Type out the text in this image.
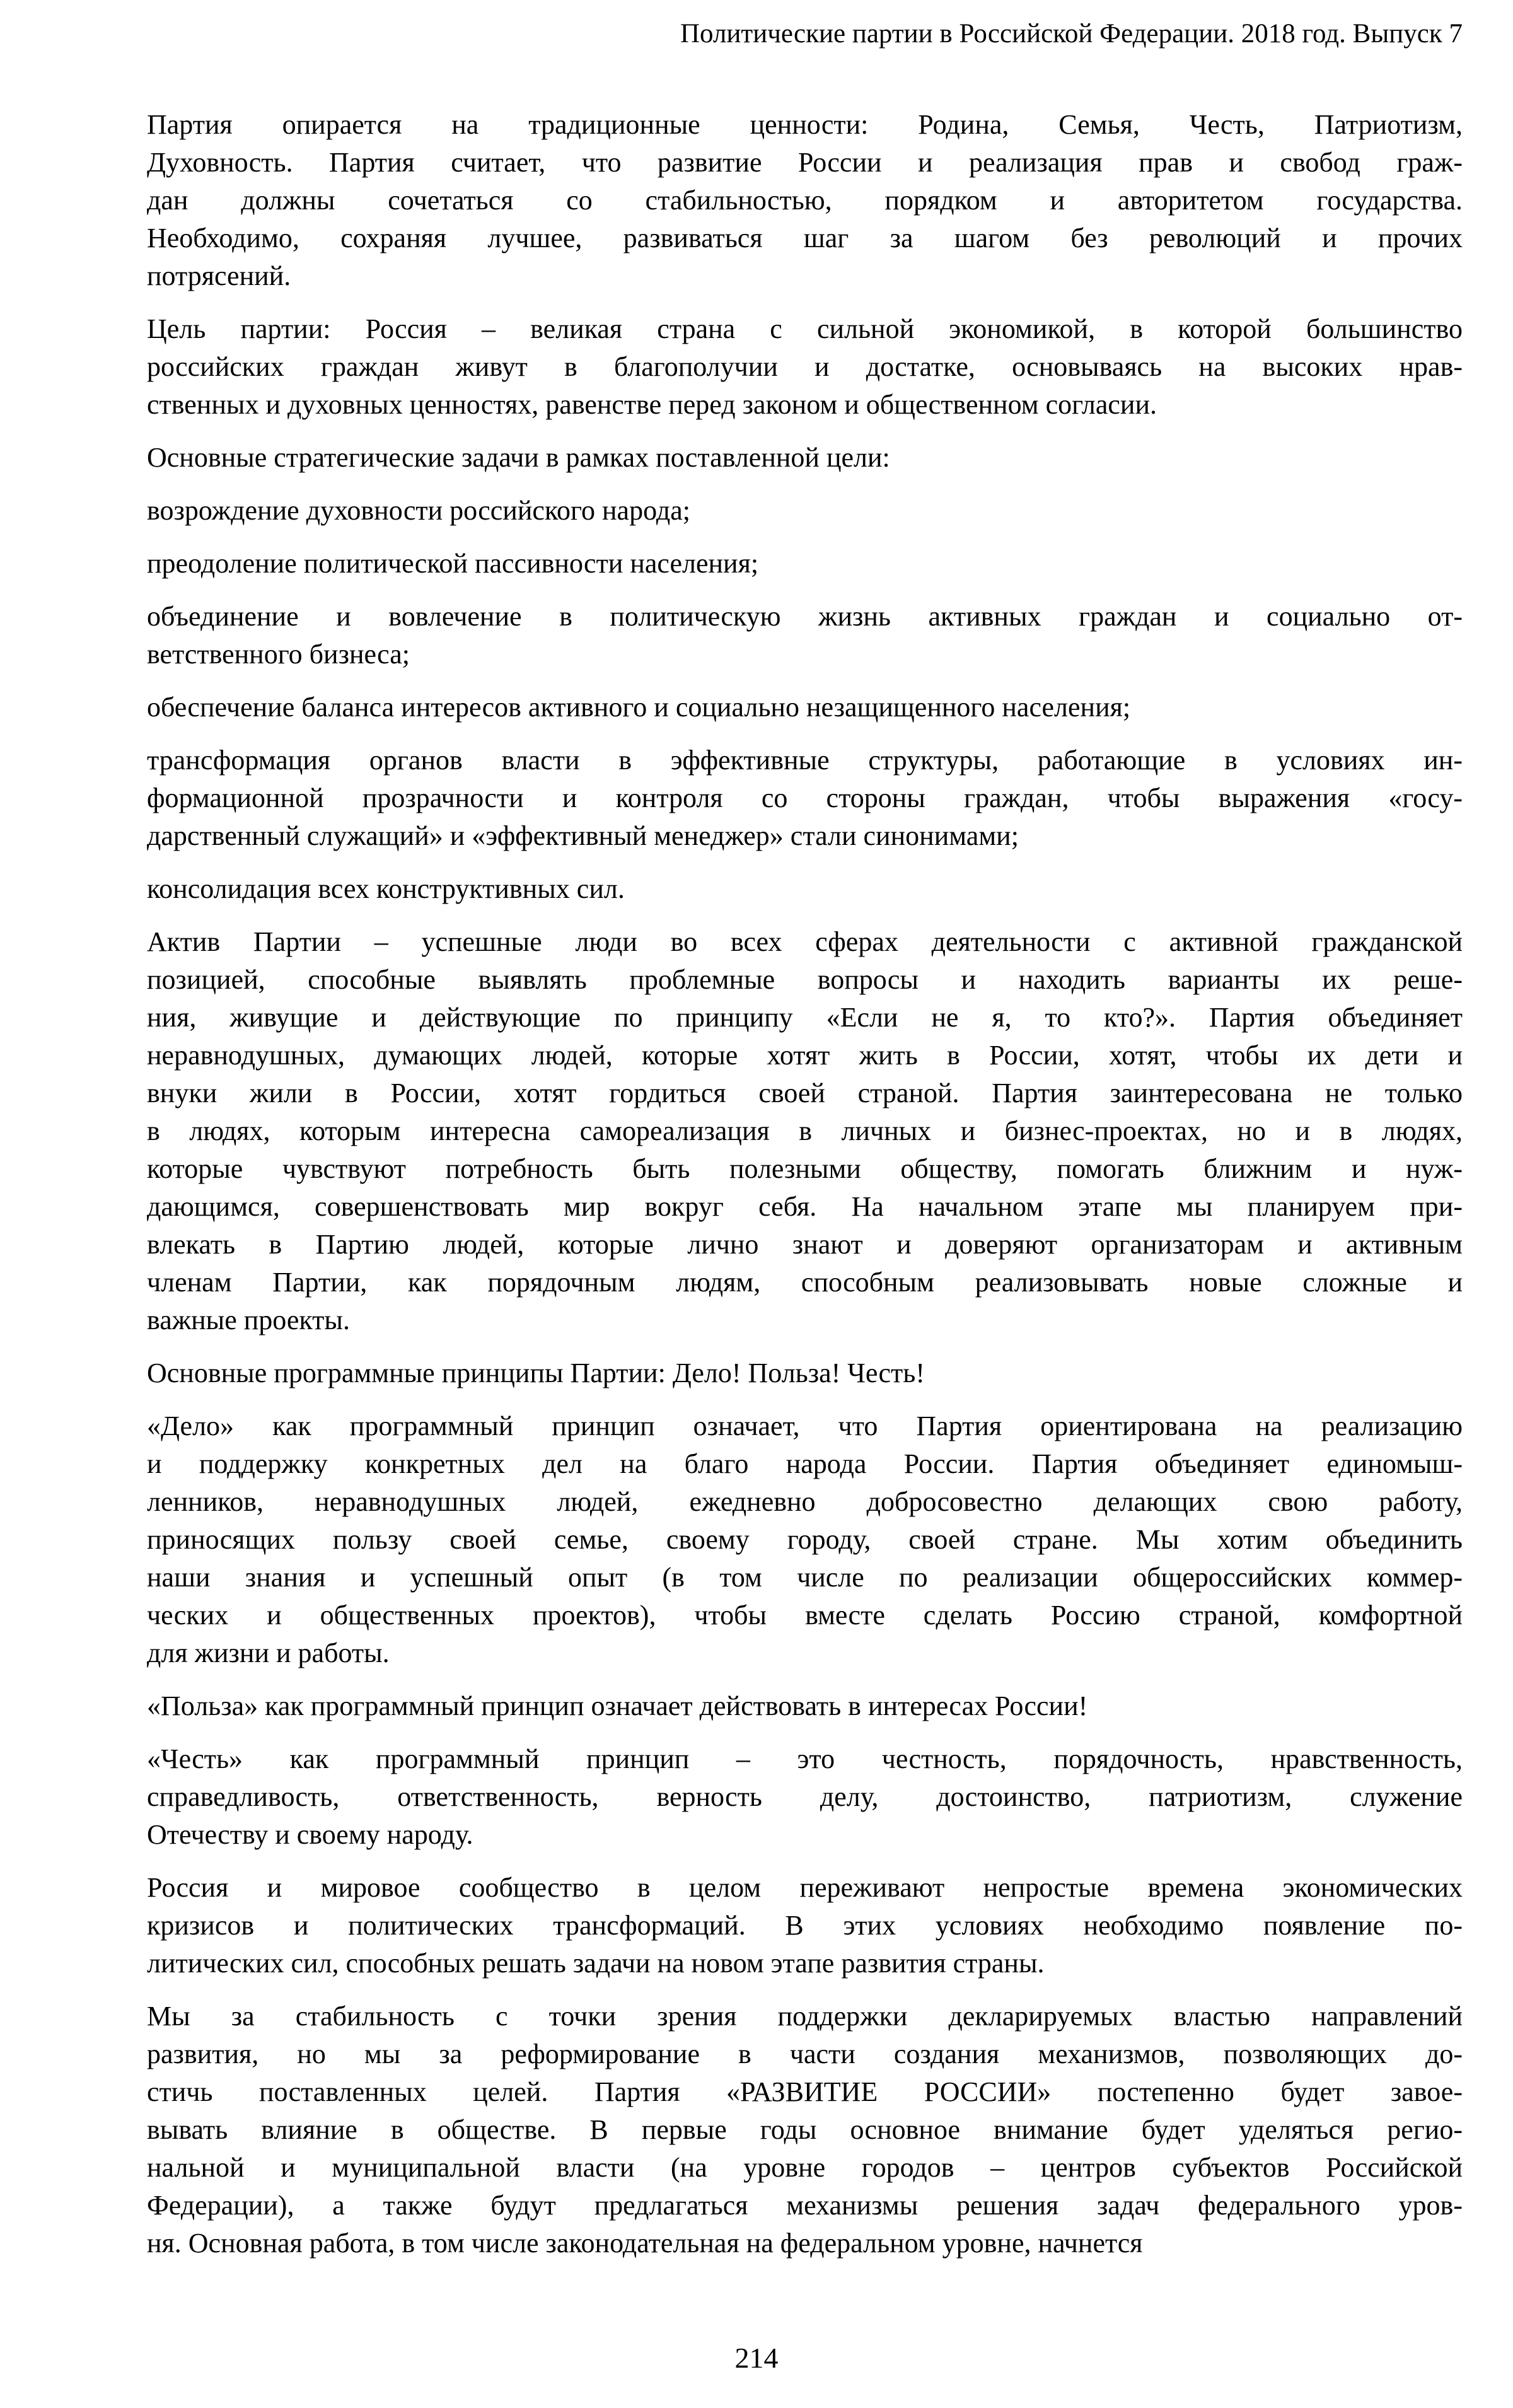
Политические партии в Российской Федерации. 2018 год. Выпуск 7
Партия опирается на традиционные ценности: Родина, Семья, Честь, Патриотизм,
Духовность. Партия считает, что развитие России и реализация прав и свобод граж-
дан должны сочетаться со стабильностью, порядком и авторитетом государства.
Необходимо, сохраняя лучшее, развиваться шаг за шагом без революций и прочих
потрясений.
Цель партии: Россия – великая страна с сильной экономикой, в которой большинство
российских граждан живут в благополучии и достатке, основываясь на высоких нрав-
ственных и духовных ценностях, равенстве перед законом и общественном согласии.
Основные стратегические задачи в рамках поставленной цели:
возрождение духовности российского народа;
преодоление политической пассивности населения;
объединение и вовлечение в политическую жизнь активных граждан и социально от-
ветственного бизнеса;
обеспечение баланса интересов активного и социально незащищенного населения;
трансформация органов власти в эффективные структуры, работающие в условиях ин-
формационной прозрачности и контроля со стороны граждан, чтобы выражения «госу-
дарственный служащий» и «эффективный менеджер» стали синонимами;
консолидация всех конструктивных сил.
Актив Партии – успешные люди во всех сферах деятельности с активной гражданской
позицией, способные выявлять проблемные вопросы и находить варианты их реше-
ния, живущие и действующие по принципу «Если не я, то кто?». Партия объединяет
неравнодушных, думающих людей, которые хотят жить в России, хотят, чтобы их дети и
внуки жили в России, хотят гордиться своей страной. Партия заинтересована не только
в людях, которым интересна самореализация в личных и бизнес-проектах, но и в людях,
которые чувствуют потребность быть полезными обществу, помогать ближним и нуж-
дающимся, совершенствовать мир вокруг себя. На начальном этапе мы планируем при-
влекать в Партию людей, которые лично знают и доверяют организаторам и активным
членам Партии, как порядочным людям, способным реализовывать новые сложные и
важные проекты.
Основные программные принципы Партии: Дело! Польза! Честь!
«Дело» как программный принцип означает, что Партия ориентирована на реализацию
и поддержку конкретных дел на благо народа России. Партия объединяет единомыш-
ленников, неравнодушных людей, ежедневно добросовестно делающих свою работу,
приносящих пользу своей семье, своему городу, своей стране. Мы хотим объединить
наши знания и успешный опыт (в том числе по реализации общероссийских коммер-
ческих и общественных проектов), чтобы вместе сделать Россию страной, комфортной
для жизни и работы.
«Польза» как программный принцип означает действовать в интересах России!
«Честь» как программный принцип – это честность, порядочность, нравственность,
справедливость, ответственность, верность делу, достоинство, патриотизм, служение
Отечеству и своему народу.
Россия и мировое сообщество в целом переживают непростые времена экономических
кризисов и политических трансформаций. В этих условиях необходимо появление по-
литических сил, способных решать задачи на новом этапе развития страны.
Мы за стабильность с точки зрения поддержки декларируемых властью направлений
развития, но мы за реформирование в части создания механизмов, позволяющих до-
стичь поставленных целей. Партия «РАЗВИТИЕ РОССИИ» постепенно будет завое-
вывать влияние в обществе. В первые годы основное внимание будет уделяться регио-
нальной и муниципальной власти (на уровне городов – центров субъектов Российской
Федерации), а также будут предлагаться механизмы решения задач федерального уров-
ня. Основная работа, в том числе законодательная на федеральном уровне, начнется
214
